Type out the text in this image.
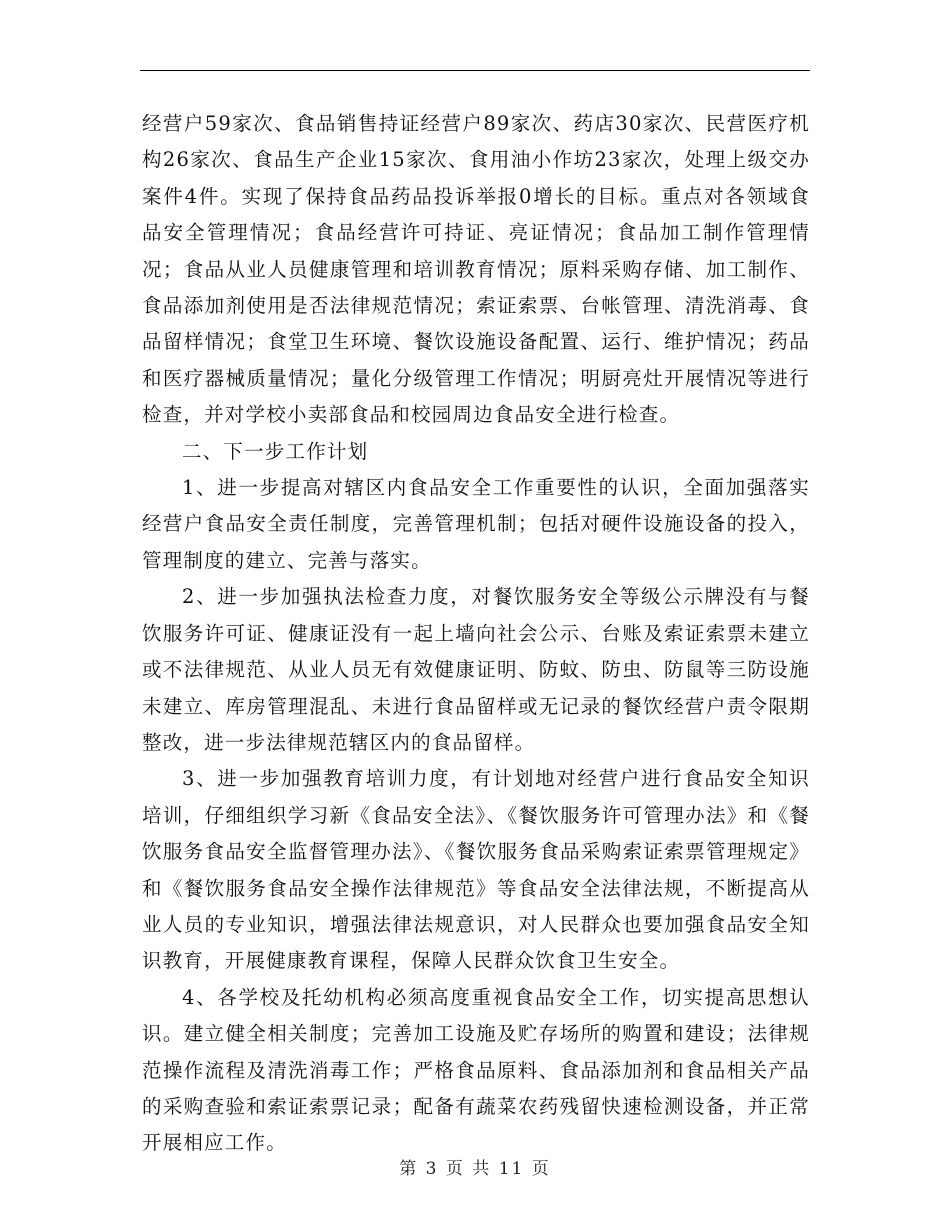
经营户59家次、食品销售持证经营户89家次、药店30家次、民营医疗机构26家次、食品生产企业15家次、食用油小作坊23家次，处理上级交办案件4件。实现了保持食品药品投诉举报0增长的目标。重点对各领域食品安全管理情况；食品经营许可持证、亮证情况；食品加工制作管理情况；食品从业人员健康管理和培训教育情况；原料采购存储、加工制作、食品添加剂使用是否法律规范情况；索证索票、台帐管理、清洗消毒、食品留样情况；食堂卫生环境、餐饮设施设备配置、运行、维护情况；药品和医疗器械质量情况；量化分级管理工作情况；明厨亮灶开展情况等进行检查，并对学校小卖部食品和校园周边食品安全进行检查。

二、下一步工作计划

1、进一步提高对辖区内食品安全工作重要性的认识，全面加强落实经营户食品安全责任制度，完善管理机制；包括对硬件设施设备的投入，管理制度的建立、完善与落实。

2、进一步加强执法检查力度，对餐饮服务安全等级公示牌没有与餐饮服务许可证、健康证没有一起上墙向社会公示、台账及索证索票未建立或不法律规范、从业人员无有效健康证明、防蚊、防虫、防鼠等三防设施未建立、库房管理混乱、未进行食品留样或无记录的餐饮经营户责令限期整改，进一步法律规范辖区内的食品留样。

3、进一步加强教育培训力度，有计划地对经营户进行食品安全知识培训，仔细组织学习新《食品安全法》、《餐饮服务许可管理办法》和《餐饮服务食品安全监督管理办法》、《餐饮服务食品采购索证索票管理规定》和《餐饮服务食品安全操作法律规范》等食品安全法律法规，不断提高从业人员的专业知识，增强法律法规意识，对人民群众也要加强食品安全知识教育，开展健康教育课程，保障人民群众饮食卫生安全。

4、各学校及托幼机构必须高度重视食品安全工作，切实提高思想认识。建立健全相关制度；完善加工设施及贮存场所的购置和建设；法律规范操作流程及清洗消毒工作；严格食品原料、食品添加剂和食品相关产品的采购查验和索证索票记录；配备有蔬菜农药残留快速检测设备，并正常开展相应工作。

第 3 页 共 11 页
